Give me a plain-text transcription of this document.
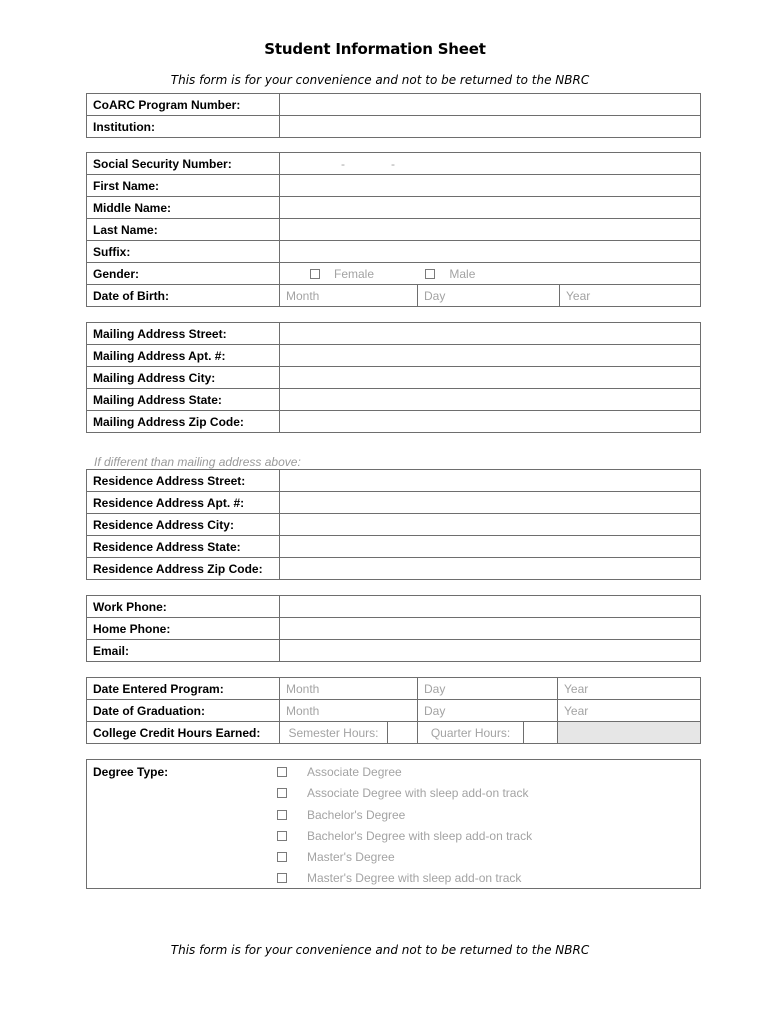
Student Information Sheet
This form is for your convenience and not to be returned to the NBRC
CoARC Program Number:	
Institution:	
Social Security Number:	- -		
First Name:			
Middle Name:			
Last Name:			
Suffix:			
Gender:	Female Male		
Date of Birth:	Month	Day	Year
Mailing Address Street:	
Mailing Address Apt. #:	
Mailing Address City:	
Mailing Address State:	
Mailing Address Zip Code:	
If different than mailing address above:
Residence Address Street:	
Residence Address Apt. #:	
Residence Address City:	
Residence Address State:	
Residence Address Zip Code:	
Work Phone:	
Home Phone:	
Email:	
Date Entered Program:	Month		Day		Year
Date of Graduation:	Month		Day		Year
College Credit Hours Earned:	Semester Hours:		Quarter Hours:		
Degree Type:	Associate Degree
Associate Degree with sleep add-on track
Bachelor's Degree
Bachelor's Degree with sleep add-on track
Master's Degree
Master's Degree with sleep add-on track
This form is for your convenience and not to be returned to the NBRC
